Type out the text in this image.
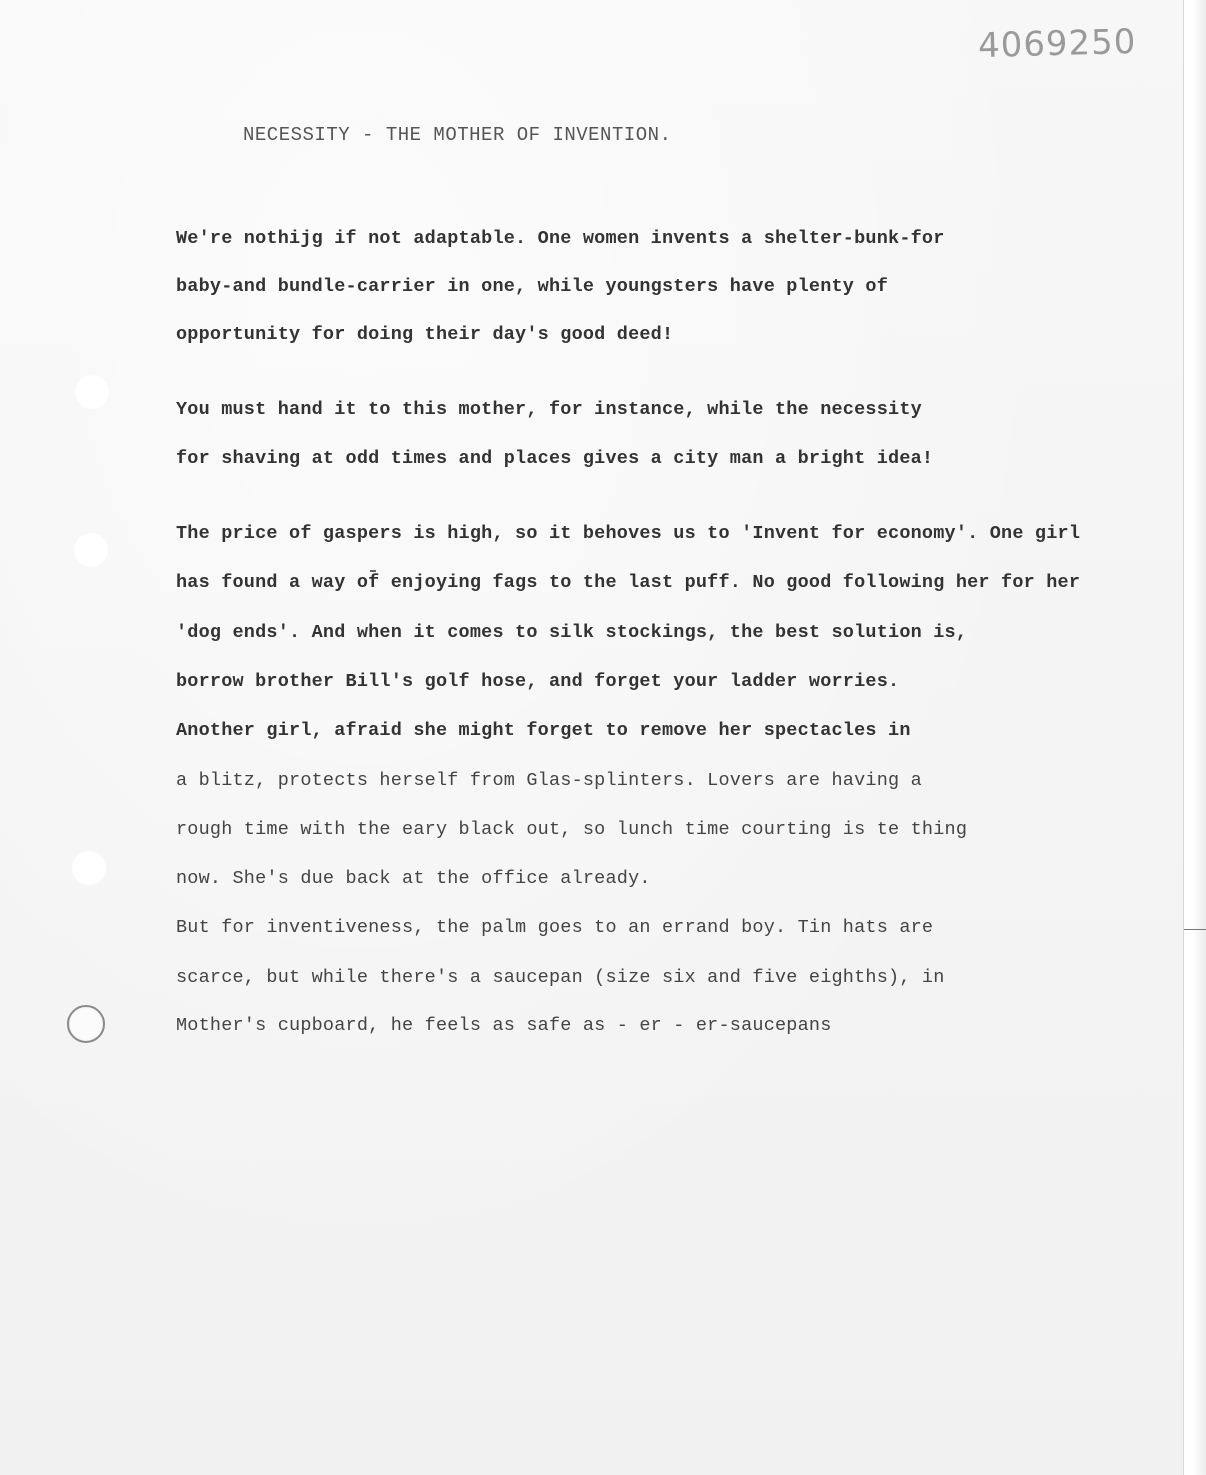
4069250
NECESSITY - THE MOTHER OF INVENTION.
We're nothijg if not adaptable. One women invents a shelter-bunk-for
baby-and bundle-carrier in one, while youngsters have plenty of
opportunity for doing their day's good deed!
You must hand it to this mother, for instance, while the necessity
for shaving at odd times and places gives a city man a bright idea!
The price of gaspers is high, so it behoves us to 'Invent for economy'. One girl
has found a way of enjoying fags to the last puff. No good following her for her
'dog ends'. And when it comes to silk stockings, the best solution is,
borrow brother Bill's golf hose, and forget your ladder worries.
Another girl, afraid she might forget to remove her spectacles in
a blitz, protects herself from Glas-splinters. Lovers are having a
rough time with the eary black out, so lunch time courting is te thing
now. She's due back at the office already.
But for inventiveness, the palm goes to an errand boy. Tin hats are
scarce, but while there's a saucepan (size six and five eighths), in
Mother's cupboard, he feels as safe as - er - er-saucepans
